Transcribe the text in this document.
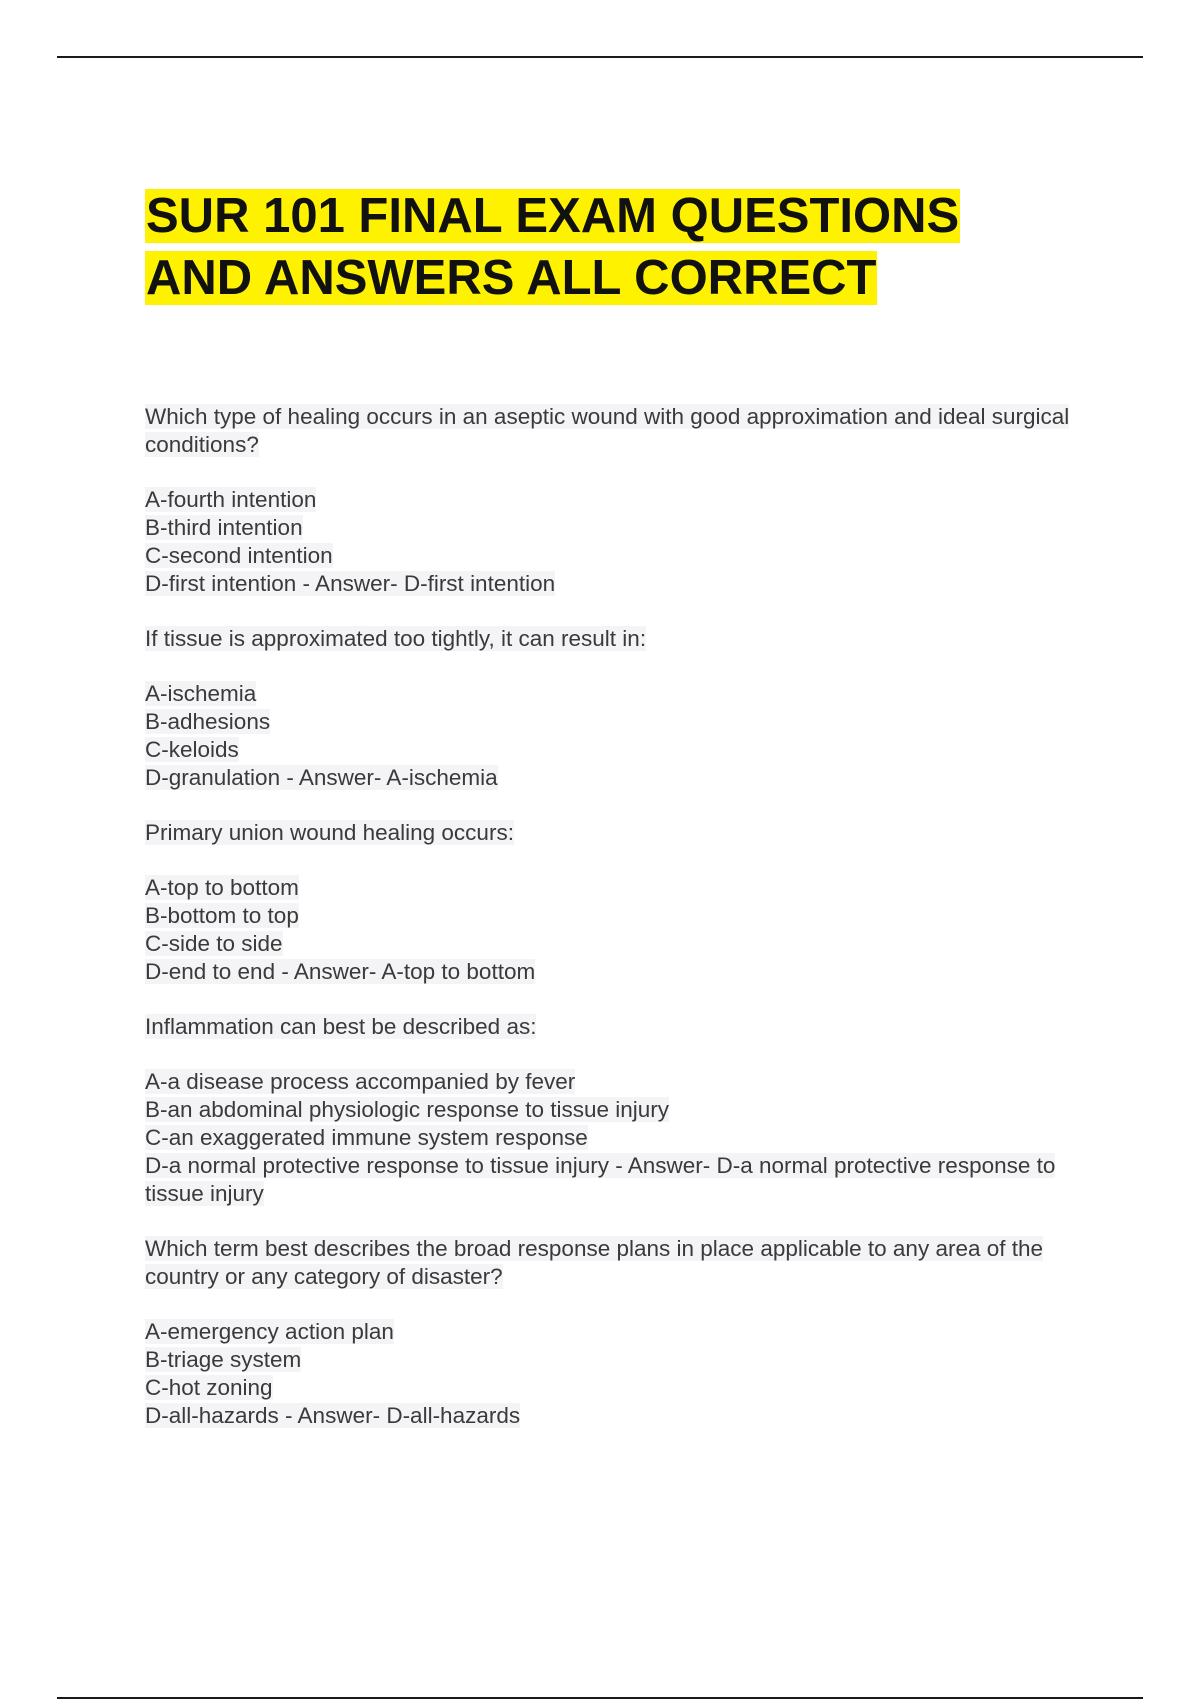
SUR 101 FINAL EXAM QUESTIONS
AND ANSWERS ALL CORRECT

Which type of healing occurs in an aseptic wound with good approximation and ideal surgical conditions?

A-fourth intention
B-third intention
C-second intention
D-first intention - Answer- D-first intention

If tissue is approximated too tightly, it can result in:

A-ischemia
B-adhesions
C-keloids
D-granulation - Answer- A-ischemia

Primary union wound healing occurs:

A-top to bottom
B-bottom to top
C-side to side
D-end to end - Answer- A-top to bottom

Inflammation can best be described as:

A-a disease process accompanied by fever
B-an abdominal physiologic response to tissue injury
C-an exaggerated immune system response
D-a normal protective response to tissue injury - Answer- D-a normal protective response to tissue injury

Which term best describes the broad response plans in place applicable to any area of the country or any category of disaster?

A-emergency action plan
B-triage system
C-hot zoning
D-all-hazards - Answer- D-all-hazards
